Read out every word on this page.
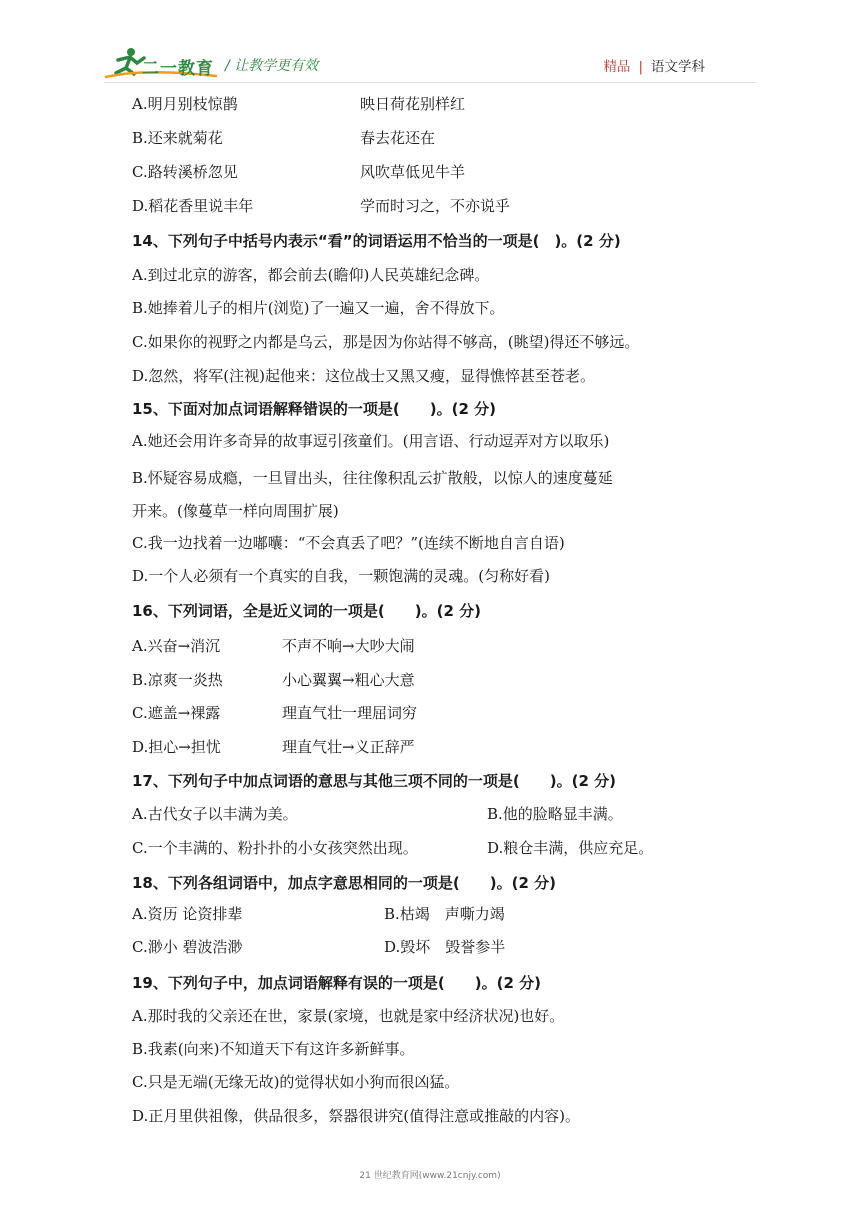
二一教育 / 让教学更有效	精品 | 语文学科
A.明月别枝惊鹊	映日荷花别样红
B.还来就菊花	春去花还在
C.路转溪桥忽见	风吹草低见牛羊
D.稻花香里说丰年	学而时习之，不亦说乎
14、下列句子中括号内表示“看”的词语运用不恰当的一项是(　)。(2 分)
A.到过北京的游客，都会前去(瞻仰)人民英雄纪念碑。
B.她捧着儿子的相片(浏览)了一遍又一遍，舍不得放下。
C.如果你的视野之内都是乌云，那是因为你站得不够高，(眺望)得还不够远。
D.忽然，将军(注视)起他来：这位战士又黑又瘦，显得憔悴甚至苍老。
15、下面对加点词语解释错误的一项是(　　)。(2 分)
A.她还会用许多奇异的故事逗引孩童们。(用言语、行动逗弄对方以取乐)
B.怀疑容易成瘾，一旦冒出头，往往像积乱云扩散般，以惊人的速度蔓延
开来。(像蔓草一样向周围扩展)
C.我一边找着一边嘟囔：“不会真丢了吧？”(连续不断地自言自语)
D.一个人必须有一个真实的自我，一颗饱满的灵魂。(匀称好看)
16、下列词语，全是近义词的一项是(　　)。(2 分)
A.兴奋→消沉	不声不响→大吵大闹
B.凉爽一炎热	小心翼翼→粗心大意
C.遮盖→裸露	理直气壮一理屈词穷
D.担心→担忧	理直气壮→义正辞严
17、下列句子中加点词语的意思与其他三项不同的一项是(　　)。(2 分)
A.古代女子以丰满为美。	B.他的脸略显丰满。
C.一个丰满的、粉扑扑的小女孩突然出现。	D.粮仓丰满，供应充足。
18、下列各组词语中，加点字意思相同的一项是(　　)。(2 分)
A.资历 论资排辈	B.枯竭　声嘶力竭
C.渺小 碧波浩渺	D.毁坏　毁誉参半
19、下列句子中，加点词语解释有误的一项是(　　)。(2 分)
A.那时我的父亲还在世，家景(家境，也就是家中经济状况)也好。
B.我素(向来)不知道天下有这许多新鲜事。
C.只是无端(无缘无故)的觉得状如小狗而很凶猛。
D.正月里供祖像，供品很多，祭器很讲究(值得注意或推敲的内容)。
21 世纪教育网(www.21cnjy.com)
